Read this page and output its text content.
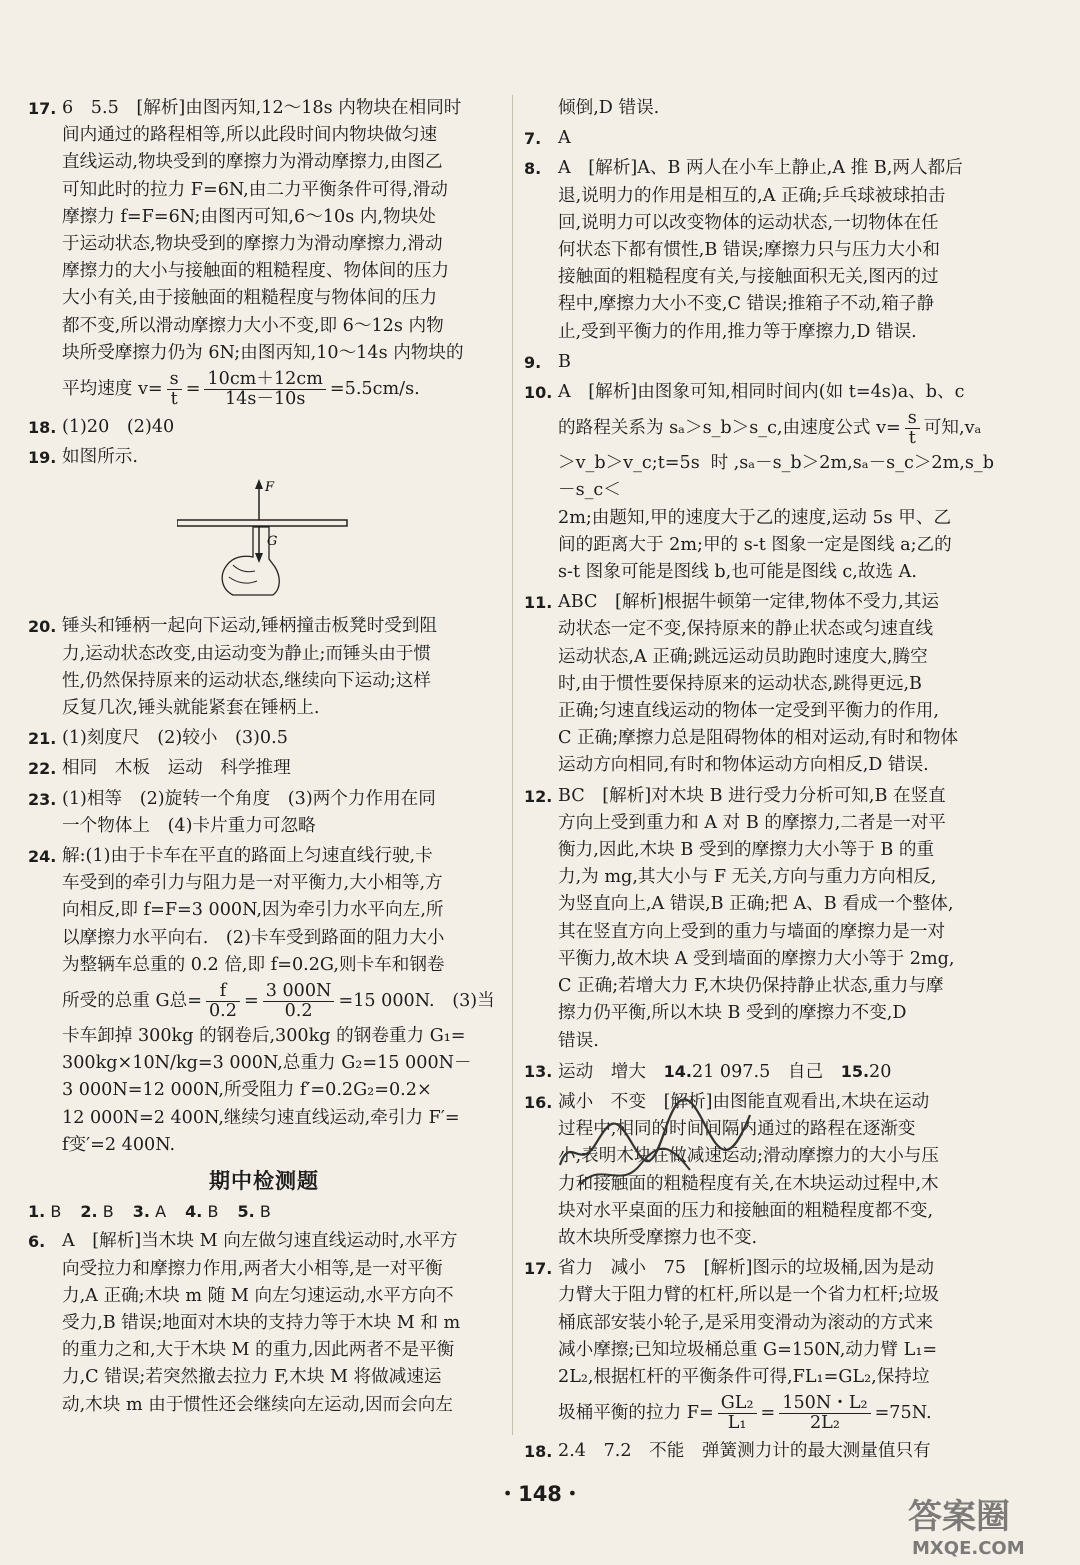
17. 6　5.5　[解析]由图丙知,12～18s 内物块在相同时

间内通过的路程相等,所以此段时间内物块做匀速

直线运动,物块受到的摩擦力为滑动摩擦力,由图乙

可知此时的拉力 F=6N,由二力平衡条件可得,滑动

摩擦力 f=F=6N;由图丙可知,6～10s 内,物块处

于运动状态,物块受到的摩擦力为滑动摩擦力,滑动

摩擦力的大小与接触面的粗糙程度、物体间的压力

大小有关,由于接触面的粗糙程度与物体间的压力

都不变,所以滑动摩擦力大小不变,即 6～12s 内物

块所受摩擦力仍为 6N;由图丙知,10～14s 内物块的

平均速度 $v= \frac{s}{t} = \frac{10cm+12cm}{14s-10s} =5.5cm/s$.

18. (1)20　(2)40

19. 如图所示.

F
G
20. 锤头和锤柄一起向下运动,锤柄撞击板凳时受到阻

力,运动状态改变,由运动变为静止;而锤头由于惯

性,仍然保持原来的运动状态,继续向下运动;这样

反复几次,锤头就能紧套在锤柄上.

21. (1)刻度尺　(2)较小　(3)0.5

22. 相同　木板　运动　科学推理

23. (1)相等　(2)旋转一个角度　(3)两个力作用在同

一个物体上　(4)卡片重力可忽略

24. 解:(1)由于卡车在平直的路面上匀速直线行驶,卡

车受到的牵引力与阻力是一对平衡力,大小相等,方

向相反,即 f=F=3 000N,因为牵引力水平向左,所

以摩擦力水平向右.　(2)卡车受到路面的阻力大小

为整辆车总重的 0.2 倍,即 f=0.2G,则卡车和钢卷

所受的总重 G总= $\frac{f}{0.2} = \frac{3 000N}{0.2} =15$ 000N.　(3)当

卡车卸掉 300kg 的钢卷后,300kg 的钢卷重力 G₁=

300kg×10N/kg=3 000N,总重力 G₂=15 000N－

3 000N=12 000N,所受阻力 f′=0.2G₂=0.2×

12 000N=2 400N,继续匀速直线运动,牵引力 F′=

f变′=2 400N.

期中检测题
1. B 2. B 3. A 4. B 5. B
6. A　[解析]当木块 M 向左做匀速直线运动时,水平方

向受拉力和摩擦力作用,两者大小相等,是一对平衡

力,A 正确;木块 m 随 M 向左匀速运动,水平方向不

受力,B 错误;地面对木块的支持力等于木块 M 和 m

的重力之和,大于木块 M 的重力,因此两者不是平衡

力,C 错误;若突然撤去拉力 F,木块 M 将做减速运

动,木块 m 由于惯性还会继续向左运动,因而会向左

倾倒,D 错误.
7. A

8. A　[解析]A、B 两人在小车上静止,A 推 B,两人都后

退,说明力的作用是相互的,A 正确;乒乓球被球拍击

回,说明力可以改变物体的运动状态,一切物体在任

何状态下都有惯性,B 错误;摩擦力只与压力大小和

接触面的粗糙程度有关,与接触面积无关,图丙的过

程中,摩擦力大小不变,C 错误;推箱子不动,箱子静

止,受到平衡力的作用,推力等于摩擦力,D 错误.

9. B

10. A　[解析]由图象可知,相同时间内(如 t=4s)a、b、c

的路程关系为 sₐ＞s_b＞s_c,由速度公式 $v= \frac{s}{t}$ 可知,vₐ

＞v_b＞v_c;t=5s 时,sₐ－s_b＞2m,sₐ－s_c＞2m,s_b－s_c＜

2m;由题知,甲的速度大于乙的速度,运动 5s 甲、乙

间的距离大于 2m;甲的 s-t 图象一定是图线 a;乙的

s-t 图象可能是图线 b,也可能是图线 c,故选 A.

11. ABC　[解析]根据牛顿第一定律,物体不受力,其运

动状态一定不变,保持原来的静止状态或匀速直线

运动状态,A 正确;跳远运动员助跑时速度大,腾空

时,由于惯性要保持原来的运动状态,跳得更远,B

正确;匀速直线运动的物体一定受到平衡力的作用,

C 正确;摩擦力总是阻碍物体的相对运动,有时和物体

运动方向相同,有时和物体运动方向相反,D 错误.

12. BC　[解析]对木块 B 进行受力分析可知,B 在竖直

方向上受到重力和 A 对 B 的摩擦力,二者是一对平

衡力,因此,木块 B 受到的摩擦力大小等于 B 的重

力,为 mg,其大小与 F 无关,方向与重力方向相反,

为竖直向上,A 错误,B 正确;把 A、B 看成一个整体,

其在竖直方向上受到的重力与墙面的摩擦力是一对

平衡力,故木块 A 受到墙面的摩擦力大小等于 2mg,

C 正确;若增大力 F,木块仍保持静止状态,重力与摩

擦力仍平衡,所以木块 B 受到的摩擦力不变,D

错误.

13. 运动　增大　 14.21 097.5　自己　 15.20

16. 减小　不变　[解析]由图能直观看出,木块在运动

过程中,相同的时间间隔内通过的路程在逐渐变

小,表明木块在做减速运动;滑动摩擦力的大小与压

力和接触面的粗糙程度有关,在木块运动过程中,木

块对水平桌面的压力和接触面的粗糙程度都不变,

故木块所受摩擦力也不变.

17. 省力　减小　75　[解析]图示的垃圾桶,因为是动

力臂大于阻力臂的杠杆,所以是一个省力杠杆;垃圾

桶底部安装小轮子,是采用变滑动为滚动的方式来

减小摩擦;已知垃圾桶总重 G=150N,动力臂 L₁=

2L₂,根据杠杆的平衡条件可得,FL₁=GL₂,保持垃

圾桶平衡的拉力 $F= \frac{\text{GL₂}}{\text{L₁}} = \frac{\text{150N・L₂}}{\text{2L₂}} =75N$.

18. 2.4　7.2　不能　弹簧测力计的最大测量值只有

・148・
答案圈
MXQE.COM
